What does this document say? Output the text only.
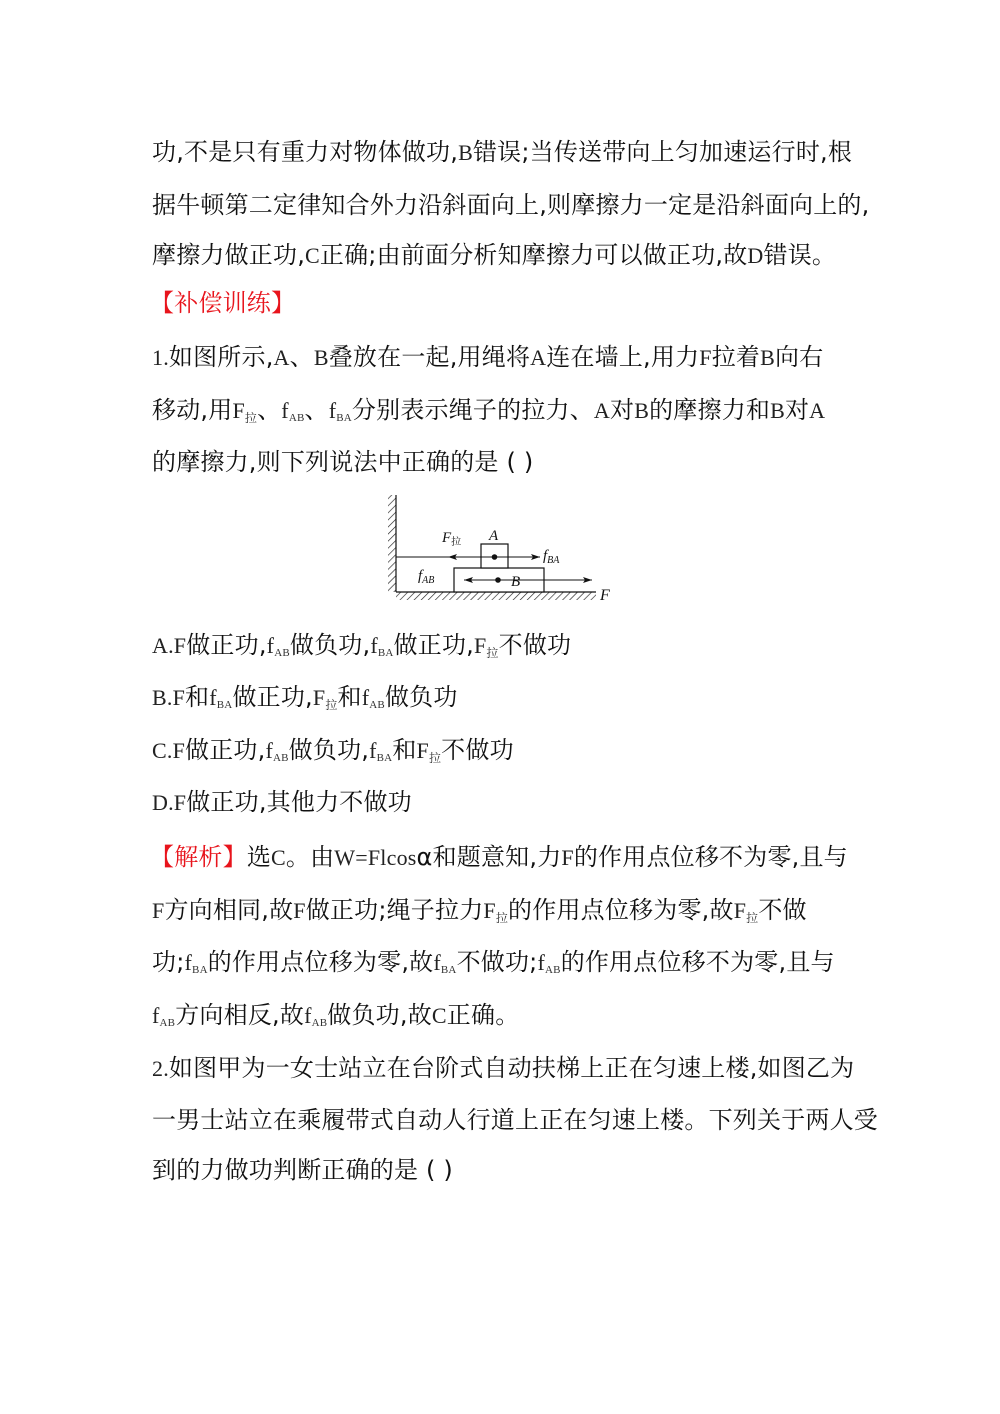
功,不是只有重力对物体做功,B错误;当传送带向上匀加速运行时,根
据牛顿第二定律知合外力沿斜面向上,则摩擦力一定是沿斜面向上的,
摩擦力做正功,C正确;由前面分析知摩擦力可以做正功,故D错误。
【补偿训练】
1.如图所示,A、B叠放在一起,用绳将A连在墙上,用力F拉着B向右
移动,用$F_拉$、$f_{AB}$、$f_{BA}$分别表示绳子的拉力、A对B的摩擦力和B对A
的摩擦力,则下列说法中正确的是 ( )
$F_拉$ A
B
$f_{BA}$
$f_{AB}$
F
A.F做正功$,f_{AB}$做负功$,f_{BA}$做正功$,F_拉$不做功
B.F和$f_{BA}$做正功$,F_拉$和$f_{AB}$做负功
C.F做正功$,f_{AB}$做负功$,f_{BA}$和$F_拉$不做功
D.F做正功,其他力不做功
【解析】选C。由W=Flcosα和题意知,力F的作用点位移不为零,且与
F方向相同,故F做正功;绳子拉力$F_拉$的作用点位移为零,故$F_拉$不做
功$;f_{BA}$的作用点位移为零,故$f_{BA}$不做功$;f_{AB}$的作用点位移不为零,且与
$f_{AB}$方向相反,故$f_{AB}$做负功,故C正确。
2.如图甲为一女士站立在台阶式自动扶梯上正在匀速上楼,如图乙为
一男士站立在乘履带式自动人行道上正在匀速上楼。下列关于两人受
到的力做功判断正确的是 ( )
